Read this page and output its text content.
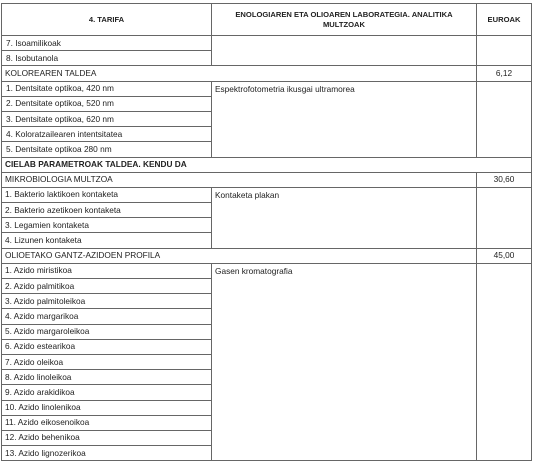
4. TARIFA	ENOLOGIAREN ETA OLIOAREN LABORATEGIA. ANALITIKA MULTZOAK	EUROAK
7. Isoamilikoak		
8. Isobutanola		
KOLOREAREN TALDEA		6,12
1. Dentsitate optikoa, 420 nm	Espektrofotometria ikusgai ultramorea	
2. Dentsitate optikoa, 520 nm		
3. Dentsitate optikoa, 620 nm		
4. Koloratzailearen intentsitatea		
5. Dentsitate optikoa 280 nm		
CIELAB PARAMETROAK TALDEA. KENDU DA		
MIKROBIOLOGIA MULTZOA		30,60
1. Bakterio laktikoen kontaketa	Kontaketa plakan	
2. Bakterio azetikoen kontaketa		
3. Legamien kontaketa		
4. Lizunen kontaketa		
OLIOETAKO GANTZ-AZIDOEN PROFILA		45,00
1. Azido miristikoa	Gasen kromatografia	
2. Azido palmitikoa		
3. Azido palmitoleikoa		
4. Azido margarikoa		
5. Azido margaroleikoa		
6. Azido estearikoa		
7. Azido oleikoa		
8. Azido linoleikoa		
9. Azido arakidikoa		
10. Azido linolenikoa		
11. Azido eikosenoikoa		
12. Azido behenikoa		
13. Azido lignozerikoa		
